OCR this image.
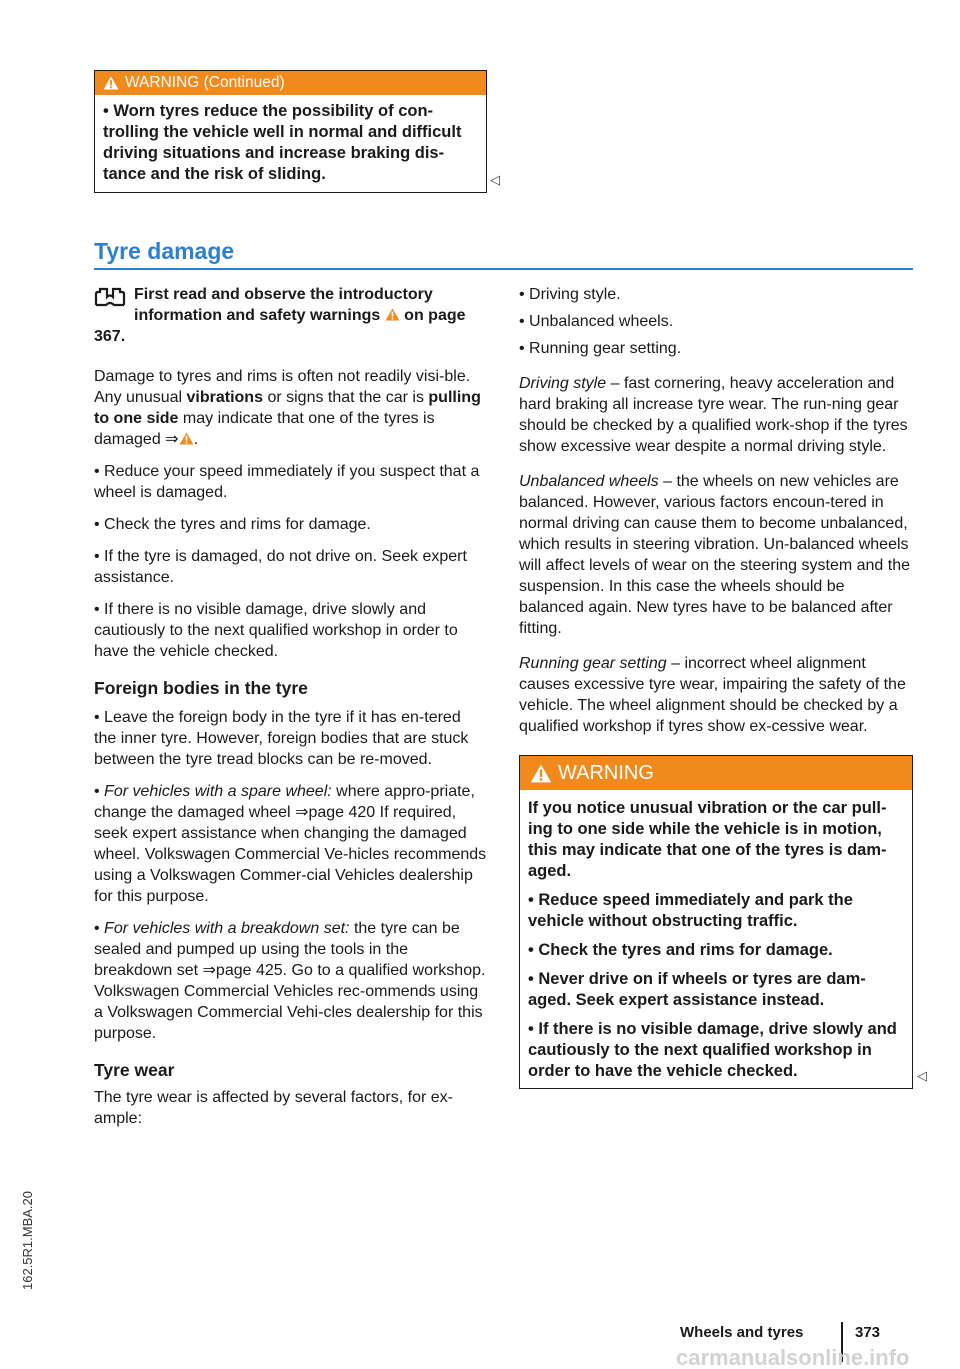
WARNING (Continued)

• Worn tyres reduce the possibility of con-trolling the vehicle well in normal and difficult driving situations and increase braking dis-tance and the risk of sliding.	◁
Tyre damage
First read and observe the introductory information and safety warnings on page 367.

Damage to tyres and rims is often not readily visi-ble. Any unusual vibrations or signs that the car is pulling to one side may indicate that one of the tyres is damaged ⇒ .

• Reduce your speed immediately if you suspect that a wheel is damaged.

• Check the tyres and rims for damage.

• If the tyre is damaged, do not drive on. Seek expert assistance.

• If there is no visible damage, drive slowly and cautiously to the next qualified workshop in order to have the vehicle checked.

Foreign bodies in the tyre

• Leave the foreign body in the tyre if it has en-tered the inner tyre. However, foreign bodies that are stuck between the tyre tread blocks can be re-moved.

• For vehicles with a spare wheel: where appro-priate, change the damaged wheel ⇒page 420 If required, seek expert assistance when changing the damaged wheel. Volkswagen Commercial Ve-hicles recommends using a Volkswagen Commer-cial Vehicles dealership for this purpose.

• For vehicles with a breakdown set: the tyre can be sealed and pumped up using the tools in the breakdown set ⇒page 425. Go to a qualified workshop. Volkswagen Commercial Vehicles rec-ommends using a Volkswagen Commercial Vehi-cles dealership for this purpose.

Tyre wear

The tyre wear is affected by several factors, for ex-ample:

• Driving style.

• Unbalanced wheels.

• Running gear setting.

Driving style – fast cornering, heavy acceleration and hard braking all increase tyre wear. The run-ning gear should be checked by a qualified work-shop if the tyres show excessive wear despite a normal driving style.

Unbalanced wheels – the wheels on new vehicles are balanced. However, various factors encoun-tered in normal driving can cause them to become unbalanced, which results in steering vibration. Un-balanced wheels will affect levels of wear on the steering system and the suspension. In this case the wheels should be balanced again. New tyres have to be balanced after fitting.

Running gear setting – incorrect wheel alignment causes excessive tyre wear, impairing the safety of the vehicle. The wheel alignment should be checked by a qualified workshop if tyres show ex-cessive wear.

WARNING

If you notice unusual vibration or the car pull-ing to one side while the vehicle is in motion, this may indicate that one of the tyres is dam-aged.

• Reduce speed immediately and park the vehicle without obstructing traffic.

• Check the tyres and rims for damage.

• Never drive on if wheels or tyres are dam-aged. Seek expert assistance instead.

• If there is no visible damage, drive slowly and cautiously to the next qualified workshop in order to have the vehicle checked.	◁
162.5R1.MBA.20
Wheels and tyres	373
carmanualsonline.info
